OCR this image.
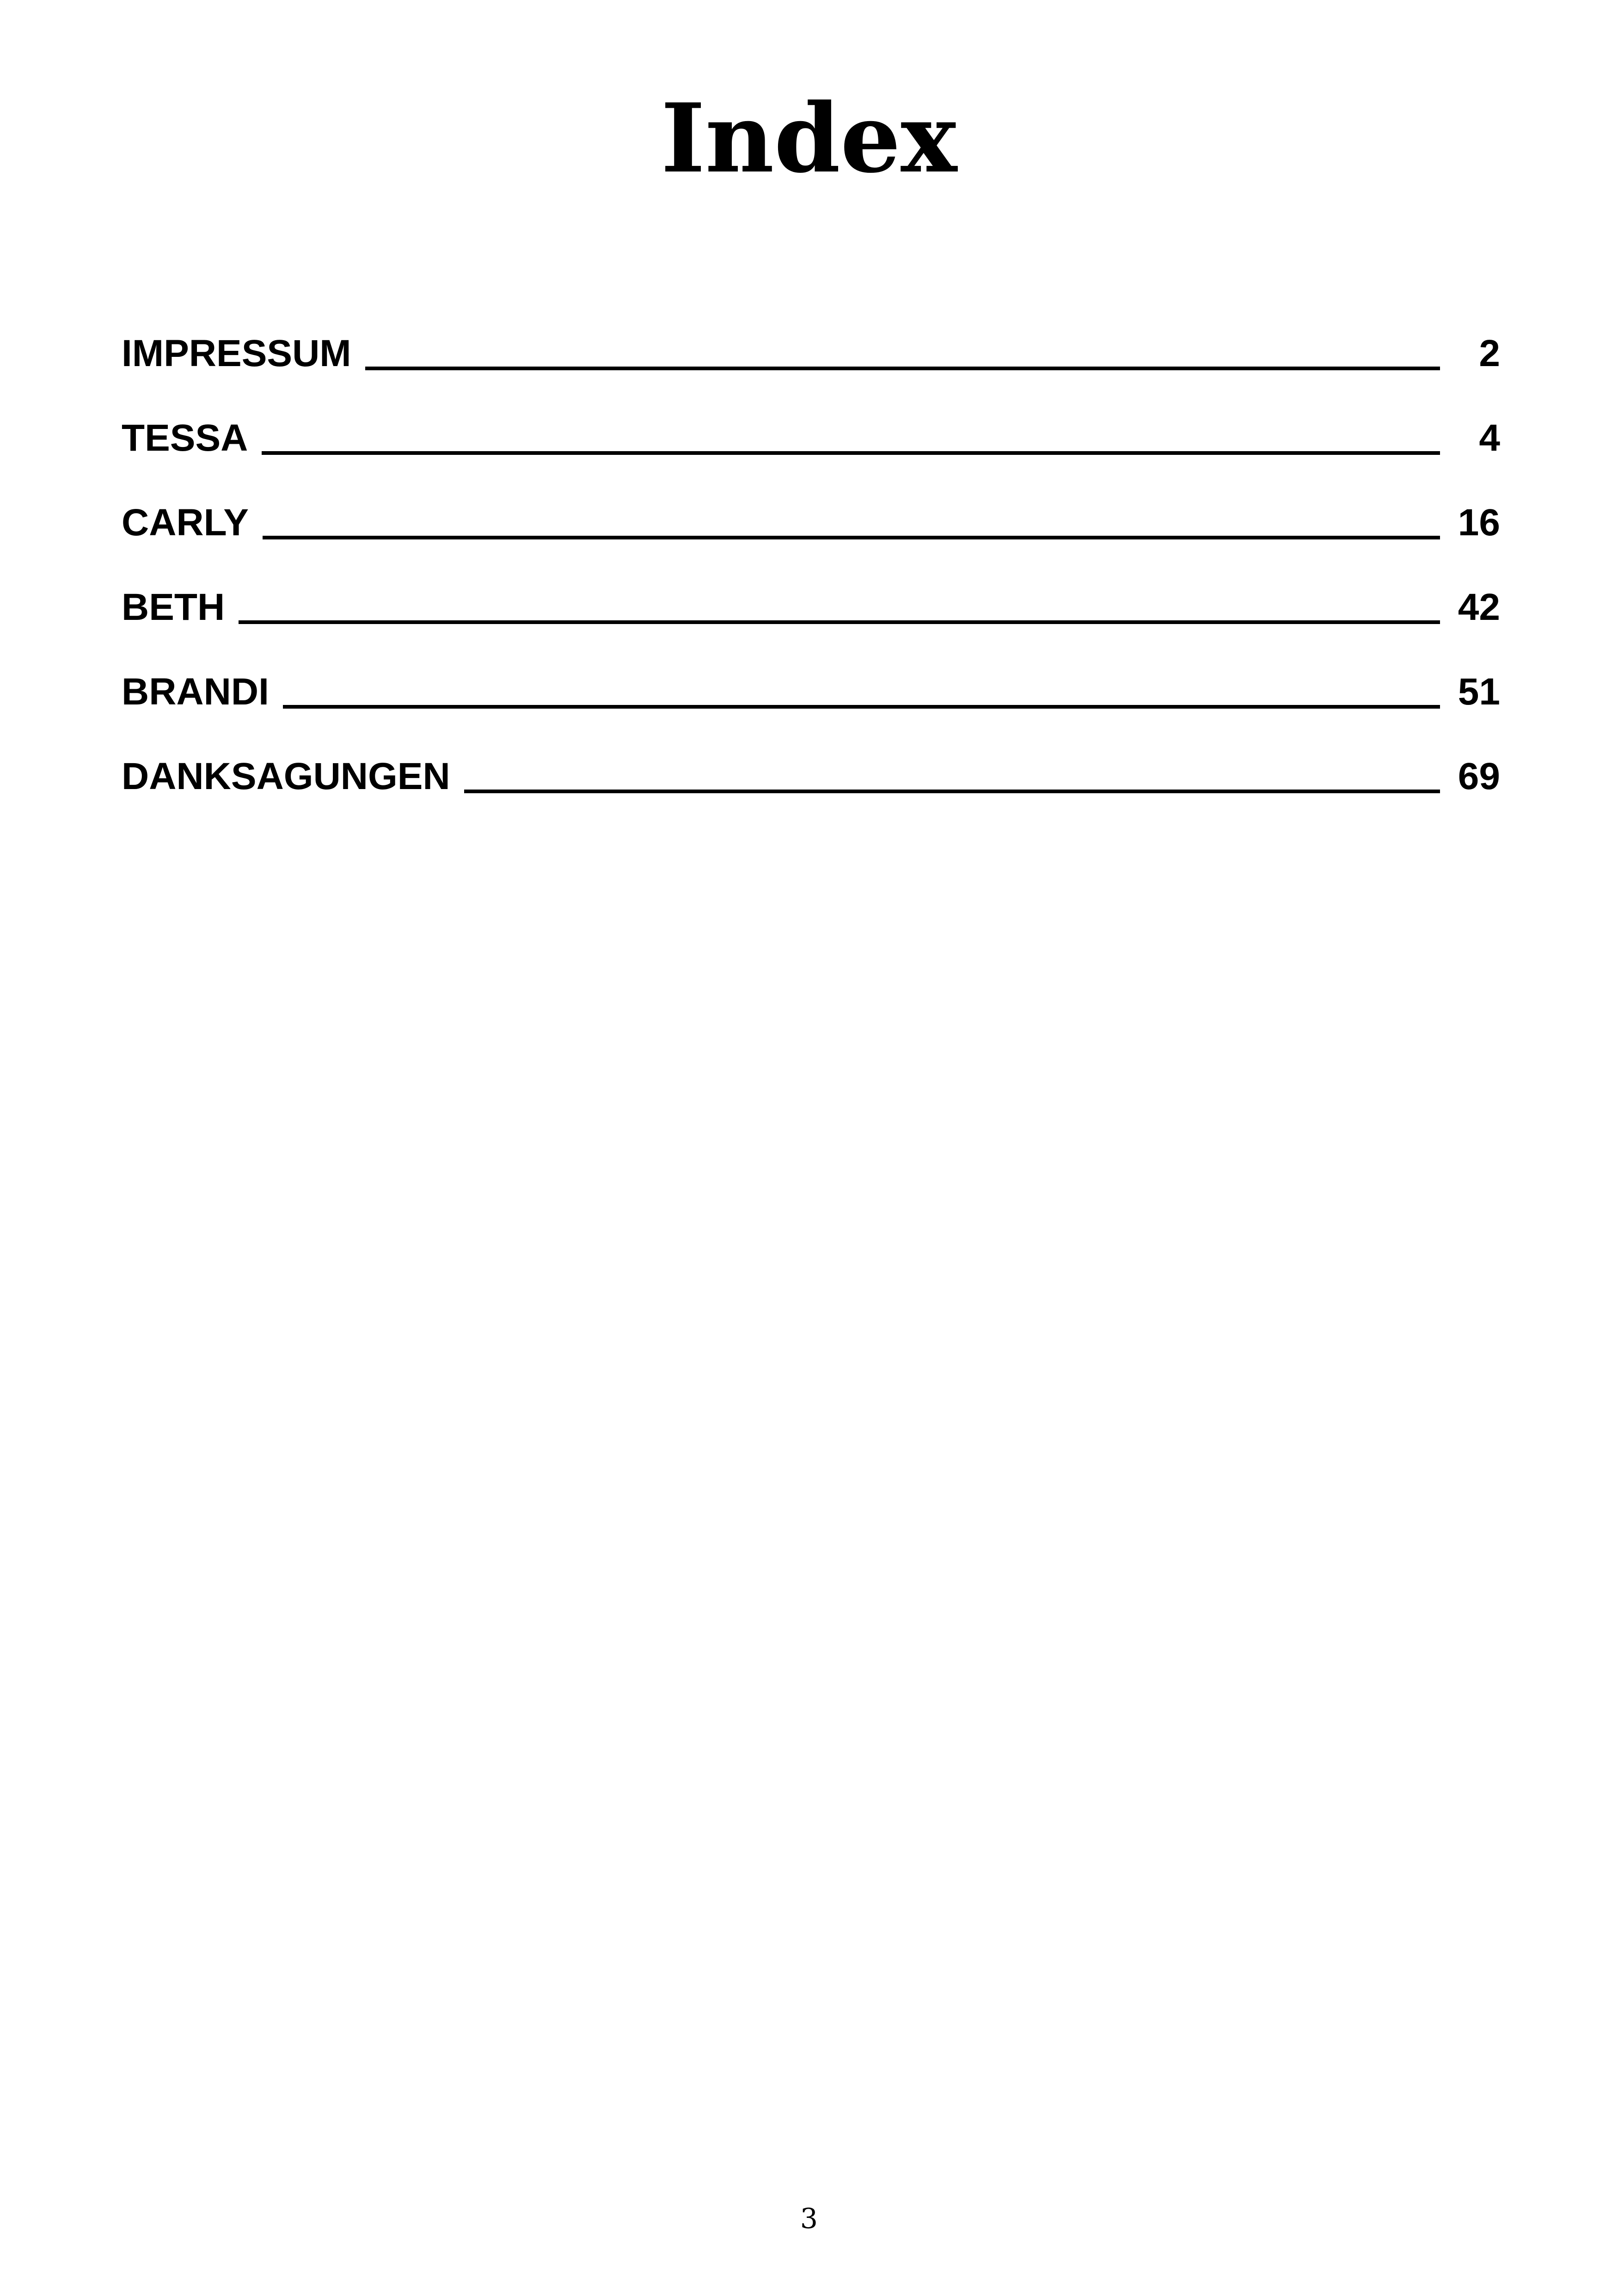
Index
IMPRESSUM	2
TESSA	4
CARLY	16
BETH	42
BRANDI	51
DANKSAGUNGEN	69
3
